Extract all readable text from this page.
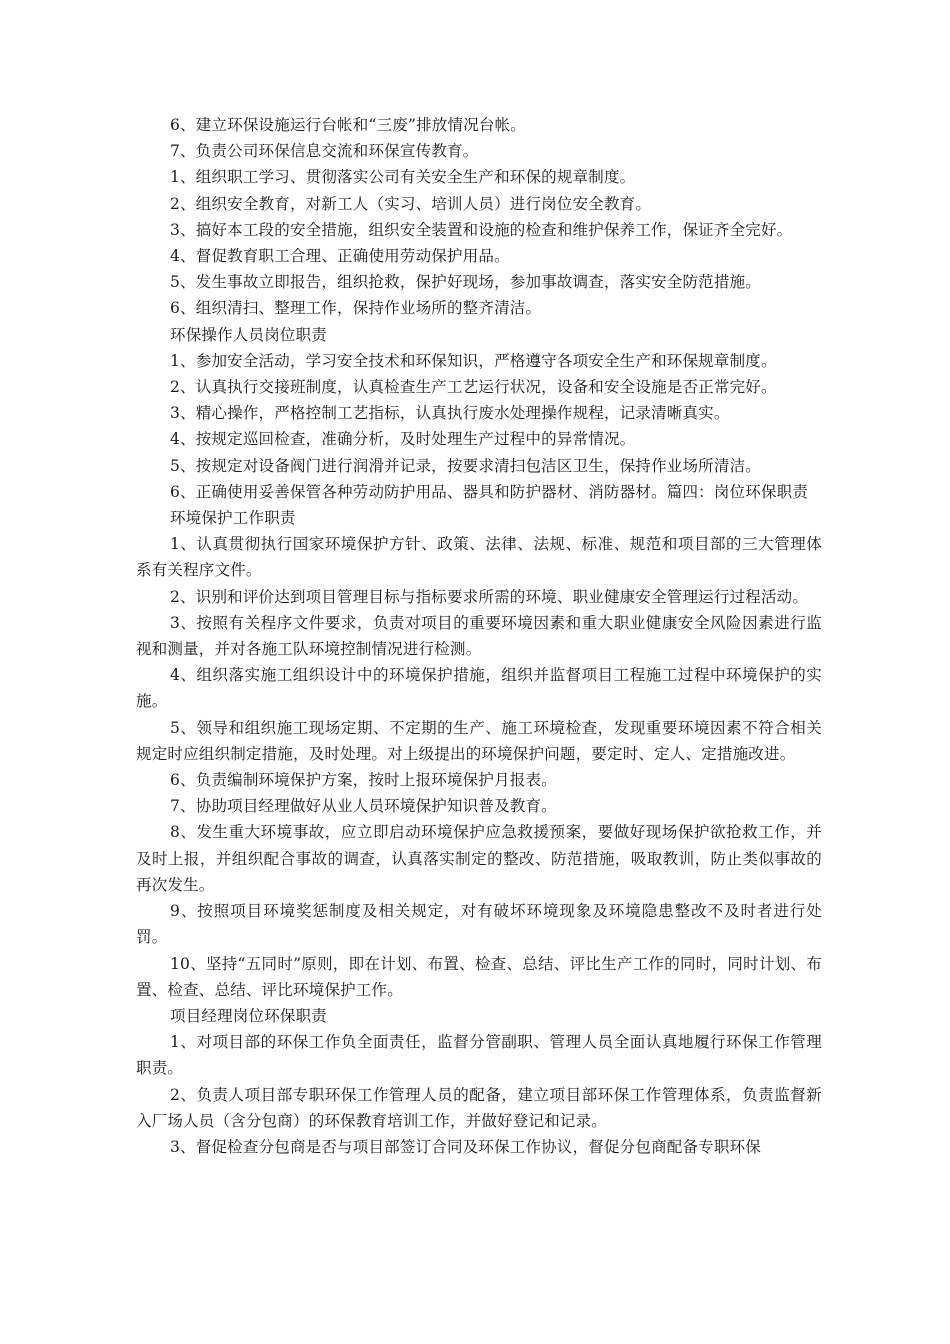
6、建立环保设施运行台帐和“三废”排放情况台帐。

7、负责公司环保信息交流和环保宣传教育。

1、组织职工学习、贯彻落实公司有关安全生产和环保的规章制度。

2、组织安全教育，对新工人（实习、培训人员）进行岗位安全教育。

3、搞好本工段的安全措施，组织安全装置和设施的检查和维护保养工作，保证齐全完好。

4、督促教育职工合理、正确使用劳动保护用品。

5、发生事故立即报告，组织抢救，保护好现场，参加事故调查，落实安全防范措施。

6、组织清扫、整理工作，保持作业场所的整齐清洁。

环保操作人员岗位职责

1、参加安全活动，学习安全技术和环保知识，严格遵守各项安全生产和环保规章制度。

2、认真执行交接班制度，认真检查生产工艺运行状况，设备和安全设施是否正常完好。

3、精心操作，严格控制工艺指标，认真执行废水处理操作规程，记录清晰真实。

4、按规定巡回检查，准确分析，及时处理生产过程中的异常情况。

5、按规定对设备阀门进行润滑并记录，按要求清扫包洁区卫生，保持作业场所清洁。

6、正确使用妥善保管各种劳动防护用品、器具和防护器材、消防器材。篇四：岗位环保职责

环境保护工作职责

1、认真贯彻执行国家环境保护方针、政策、法律、法规、标准、规范和项目部的三大管理体系有关程序文件。

2、识别和评价达到项目管理目标与指标要求所需的环境、职业健康安全管理运行过程活动。

3、按照有关程序文件要求，负责对项目的重要环境因素和重大职业健康安全风险因素进行监视和测量，并对各施工队环境控制情况进行检测。

4、组织落实施工组织设计中的环境保护措施，组织并监督项目工程施工过程中环境保护的实施。

5、领导和组织施工现场定期、不定期的生产、施工环境检查，发现重要环境因素不符合相关规定时应组织制定措施，及时处理。对上级提出的环境保护问题，要定时、定人、定措施改进。

6、负责编制环境保护方案，按时上报环境保护月报表。

7、协助项目经理做好从业人员环境保护知识普及教育。

8、发生重大环境事故，应立即启动环境保护应急救援预案，要做好现场保护欲抢救工作，并及时上报，并组织配合事故的调查，认真落实制定的整改、防范措施，吸取教训，防止类似事故的再次发生。

9、按照项目环境奖惩制度及相关规定，对有破坏环境现象及环境隐患整改不及时者进行处罚。

10、坚持“五同时”原则，即在计划、布置、检查、总结、评比生产工作的同时，同时计划、布置、检查、总结、评比环境保护工作。

项目经理岗位环保职责

1、对项目部的环保工作负全面责任，监督分管副职、管理人员全面认真地履行环保工作管理职责。

2、负责人项目部专职环保工作管理人员的配备，建立项目部环保工作管理体系，负责监督新入厂场人员（含分包商）的环保教育培训工作，并做好登记和记录。

3、督促检查分包商是否与项目部签订合同及环保工作协议，督促分包商配备专职环保
